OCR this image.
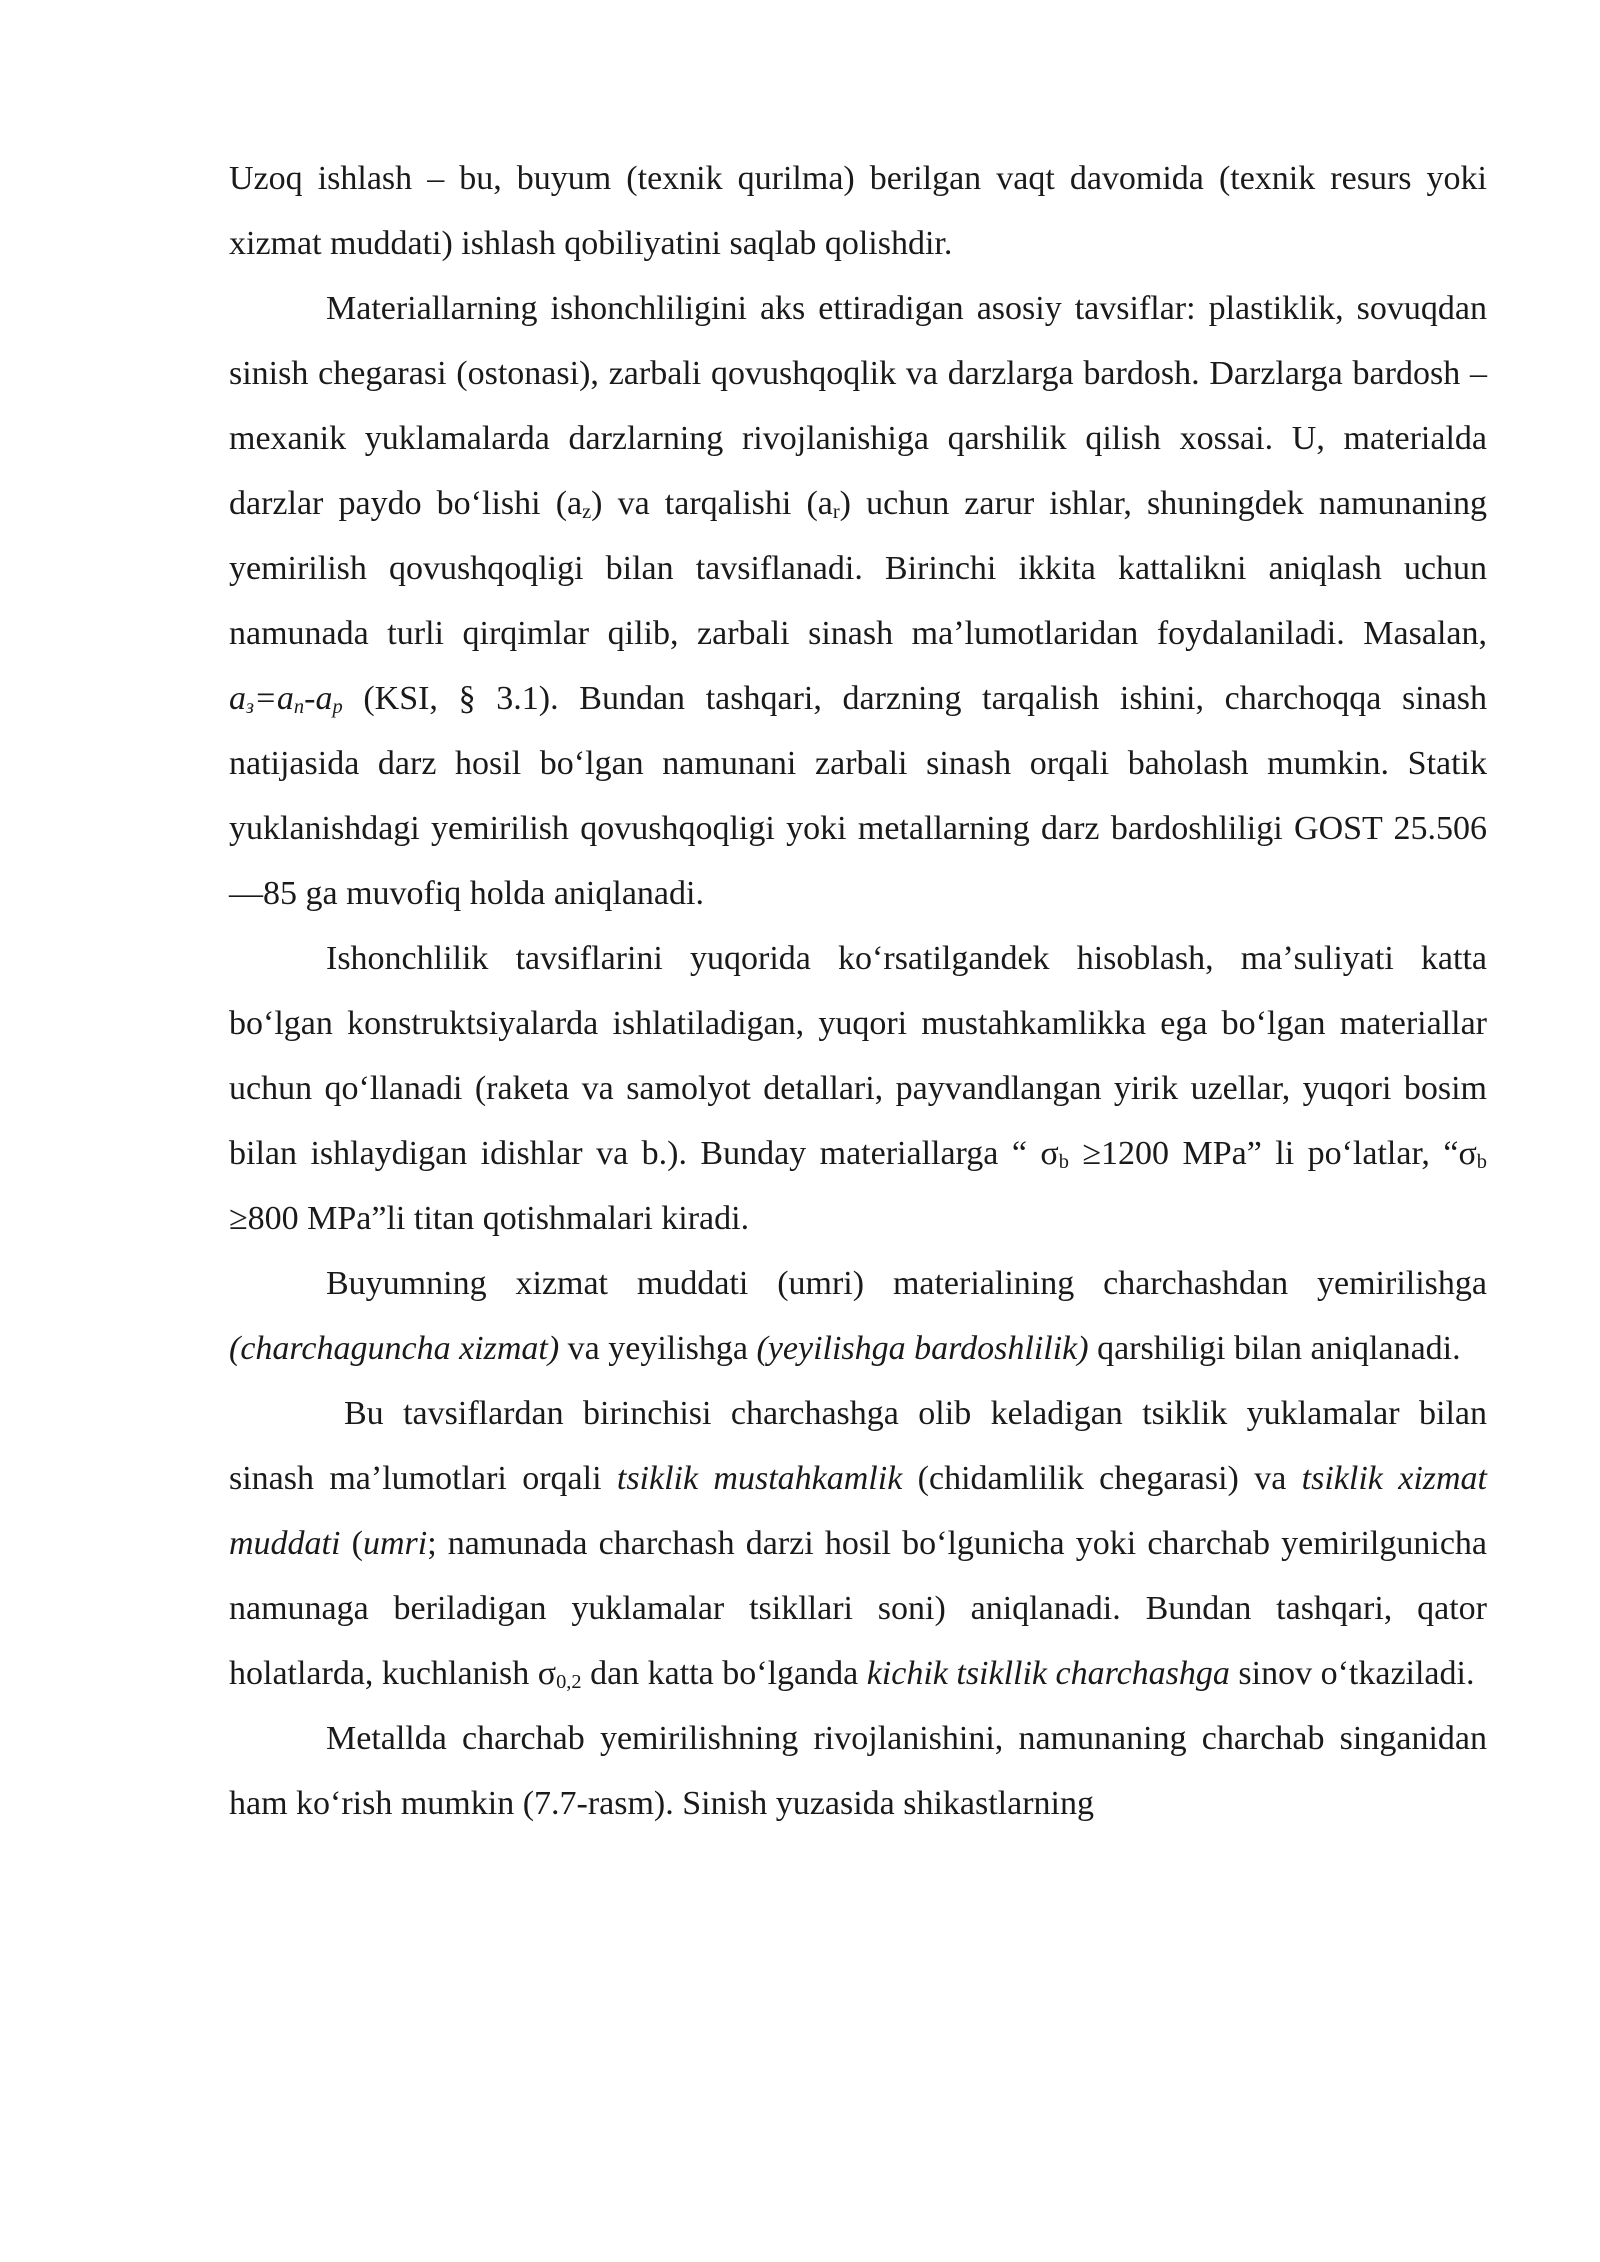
Uzoq ishlash – bu, buyum (texnik qurilma) berilgan vaqt davomida (texnik resurs yoki xizmat muddati) ishlash qobiliyatini saqlab qolishdir.

Materiallarning ishonchliligini aks ettiradigan asosiy tavsiflar: plastiklik, sovuqdan sinish chegarasi (ostonasi), zarbali qovushqoqlik va darzlarga bardosh. Darzlarga bardosh – mexanik yuklamalarda darzlarning rivojlanishiga qarshilik qilish xossai. U, materialda darzlar paydo boʻlishi $(a_z)$ va tarqalishi $(a_r)$ uchun zarur ishlar, shuningdek namunaning yemirilish qovushqoqligi bilan tavsiflanadi. Birinchi ikkita kattalikni aniqlash uchun namunada turli qirqimlar qilib, zarbali sinash maʼlumotlaridan foydalaniladi. Masalan, $a_з=a_n-a_p$ (KSI, § 3.1). Bundan tashqari, darzning tarqalish ishini, charchoqqa sinash natijasida darz hosil boʻlgan namunani zarbali sinash orqali baholash mumkin. Statik yuklanishdagi yemirilish qovushqoqligi yoki metallarning darz bardoshliligi GOST 25.506—85 ga muvofiq holda aniqlanadi.

Ishonchlilik tavsiflarini yuqorida koʻrsatilgandek hisoblash, maʼsuliyati katta boʻlgan konstruktsiyalarda ishlatiladigan, yuqori mustahkamlikka ega boʻlgan materiallar uchun qoʻllanadi (raketa va samolyot detallari, payvandlangan yirik uzellar, yuqori bosim bilan ishlaydigan idishlar va b.). Bunday materiallarga “ $\sigma_b \ge 1200$ MPa” li poʻlatlar, “$\sigma_b \ge 800$ MPa”li titan qotishmalari kiradi.

Buyumning xizmat muddati (umri) materialining charchashdan yemirilishga (charchaguncha xizmat) va yeyilishga (yeyilishga bardoshlilik) qarshiligi bilan aniqlanadi.

Bu tavsiflardan birinchisi charchashga olib keladigan tsiklik yuklamalar bilan sinash maʼlumotlari orqali tsiklik mustahkamlik (chidamlilik chegarasi) va tsiklik xizmat muddati (umri; namunada charchash darzi hosil boʻlgunicha yoki charchab yemirilgunicha namunaga beriladigan yuklamalar tsikllari soni) aniqlanadi. Bundan tashqari, qator holatlarda, kuchlanish $\sigma_{0,2}$ dan katta boʻlganda kichik tsikllik charchashga sinov oʻtkaziladi.

Metallda charchab yemirilishning rivojlanishini, namunaning charchab singanidan ham koʻrish mumkin (7.7-rasm). Sinish yuzasida shikastlarning
